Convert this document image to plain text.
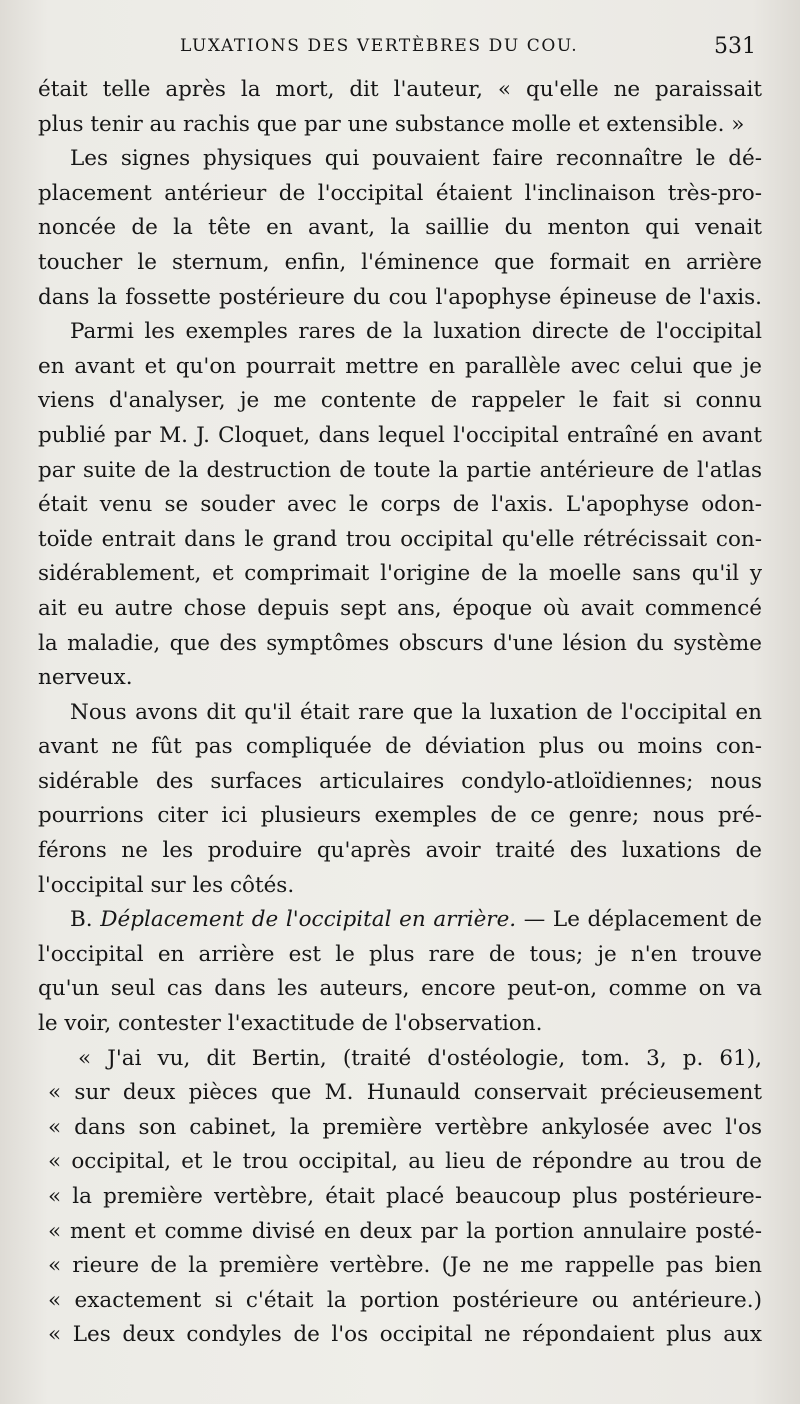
LUXATIONS DES VERTÈBRES DU COU.	531
était telle après la mort, dit l'auteur, « qu'elle ne paraissait
plus tenir au rachis que par une substance molle et extensible. »
Les signes physiques qui pouvaient faire reconnaître le dé-
placement antérieur de l'occipital étaient l'inclinaison très-pro-
noncée de la tête en avant, la saillie du menton qui venait
toucher le sternum, enfin, l'éminence que formait en arrière
dans la fossette postérieure du cou l'apophyse épineuse de l'axis.
Parmi les exemples rares de la luxation directe de l'occipital
en avant et qu'on pourrait mettre en parallèle avec celui que je
viens d'analyser, je me contente de rappeler le fait si connu
publié par M. J. Cloquet, dans lequel l'occipital entraîné en avant
par suite de la destruction de toute la partie antérieure de l'atlas
était venu se souder avec le corps de l'axis. L'apophyse odon-
toïde entrait dans le grand trou occipital qu'elle rétrécissait con-
sidérablement, et comprimait l'origine de la moelle sans qu'il y
ait eu autre chose depuis sept ans, époque où avait commencé
la maladie, que des symptômes obscurs d'une lésion du système
nerveux.
Nous avons dit qu'il était rare que la luxation de l'occipital en
avant ne fût pas compliquée de déviation plus ou moins con-
sidérable des surfaces articulaires condylo-atloïdiennes; nous
pourrions citer ici plusieurs exemples de ce genre; nous pré-
férons ne les produire qu'après avoir traité des luxations de
l'occipital sur les côtés.
B. Déplacement de l'occipital en arrière. — Le déplacement de
l'occipital en arrière est le plus rare de tous; je n'en trouve
qu'un seul cas dans les auteurs, encore peut-on, comme on va
le voir, contester l'exactitude de l'observation.
« J'ai vu, dit Bertin, (traité d'ostéologie, tom. 3, p. 61),
« sur deux pièces que M. Hunauld conservait précieusement
« dans son cabinet, la première vertèbre ankylosée avec l'os
« occipital, et le trou occipital, au lieu de répondre au trou de
« la première vertèbre, était placé beaucoup plus postérieure-
« ment et comme divisé en deux par la portion annulaire posté-
« rieure de la première vertèbre. (Je ne me rappelle pas bien
« exactement si c'était la portion postérieure ou antérieure.)
« Les deux condyles de l'os occipital ne répondaient plus aux
